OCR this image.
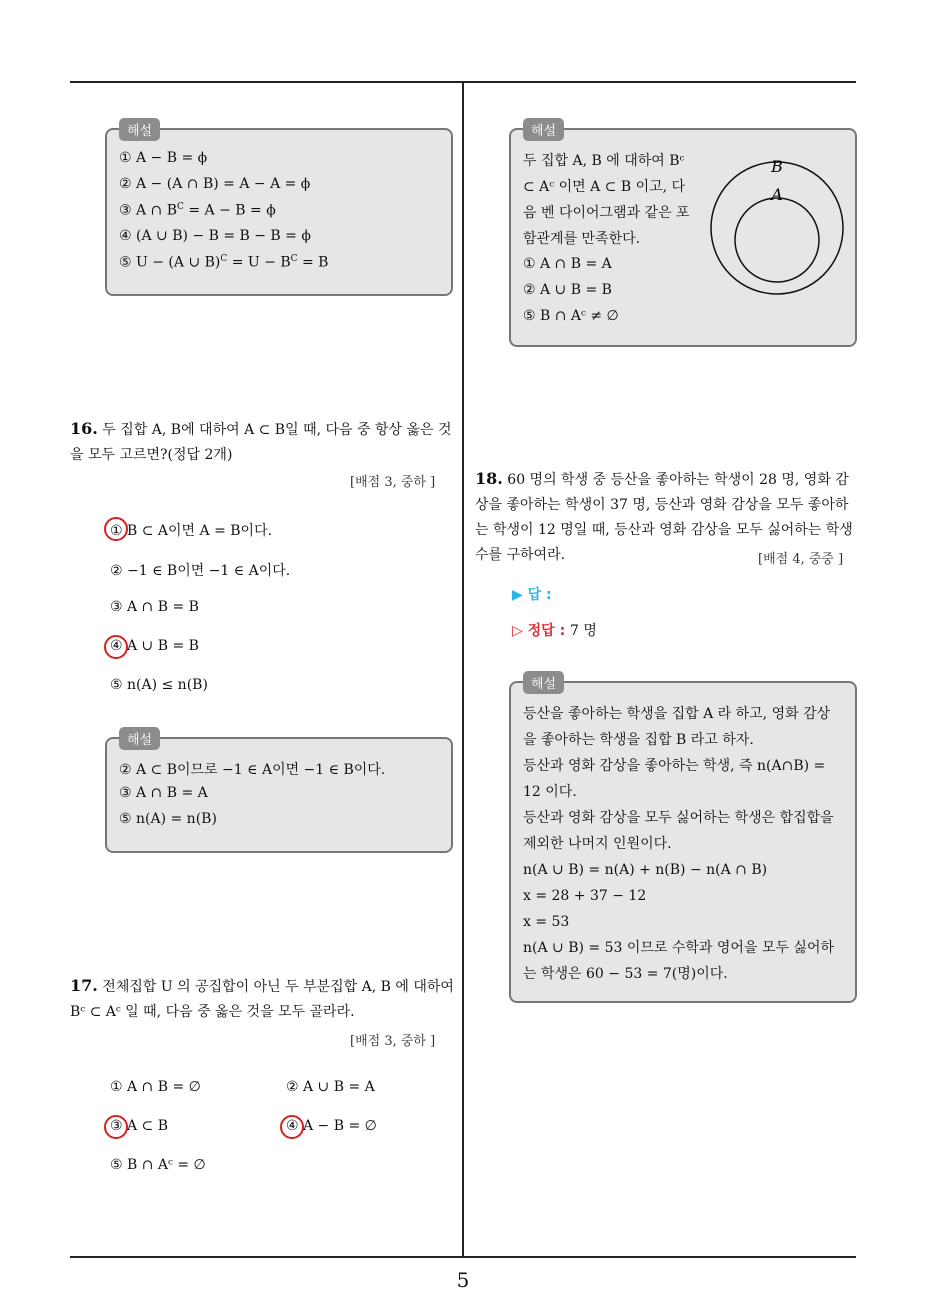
5
해설
① A − B = ϕ
② A − (A ∩ B) = A − A = ϕ
③ A ∩ $B^C = A - B = \phi$
④ (A ∪ B) − B = B − B = ϕ
⑤ U − (A ∪ $B)^C = U - B^C = B$
16. 두 집합 A, B에 대하여 A ⊂ B일 때, 다음 중 항상 옳은 것을 모두 고르면?(정답 2개)
[배점 3, 중하 ]
① B ⊂ A이면 A = B이다.
② −1 ∈ B이면 −1 ∈ A이다.
③ A ∩ B = B
④ A ∪ B = B
⑤ n(A) ≤ n(B)
해설
② A ⊂ B이므로 −1 ∈ A이면 −1 ∈ B이다.
③ A ∩ B = A
⑤ n(A) = n(B)
17. 전체집합 U 의 공집합이 아닌 두 부분집합 A, B 에 대하여 Bᶜ ⊂ Aᶜ 일 때, 다음 중 옳은 것을 모두 골라라.
[배점 3, 중하 ]
① A ∩ B = ∅	② A ∪ B = A
③ A ⊂ B	④ A − B = ∅
⑤ B ∩ Aᶜ = ∅
해설
두 집합 A, B 에 대하여 Bᶜ ⊂ Aᶜ 이면 A ⊂ B 이고, 다음 벤 다이어그램과 같은 포함관계를 만족한다.
① A ∩ B = A
② A ∪ B = B
⑤ B ∩ Aᶜ ≠ ∅
B
A
18. 60 명의 학생 중 등산을 좋아하는 학생이 28 명, 영화 감상을 좋아하는 학생이 37 명, 등산과 영화 감상을 모두 좋아하는 학생이 12 명일 때, 등산과 영화 감상을 모두 싫어하는 학생수를 구하여라.	[배점 4, 중중 ]
▶ 답 :
▷ 정답 : 7 명
해설
등산을 좋아하는 학생을 집합 A 라 하고, 영화 감상을 좋아하는 학생을 집합 B 라고 하자.
등산과 영화 감상을 좋아하는 학생, 즉 n(A∩B) = 12 이다.
등산과 영화 감상을 모두 싫어하는 학생은 합집합을 제외한 나머지 인원이다.
n(A ∪ B) = n(A) + n(B) − n(A ∩ B)
x = 28 + 37 − 12
x = 53
n(A ∪ B) = 53 이므로 수학과 영어을 모두 싫어하는 학생은 60 − 53 = 7(명)이다.
